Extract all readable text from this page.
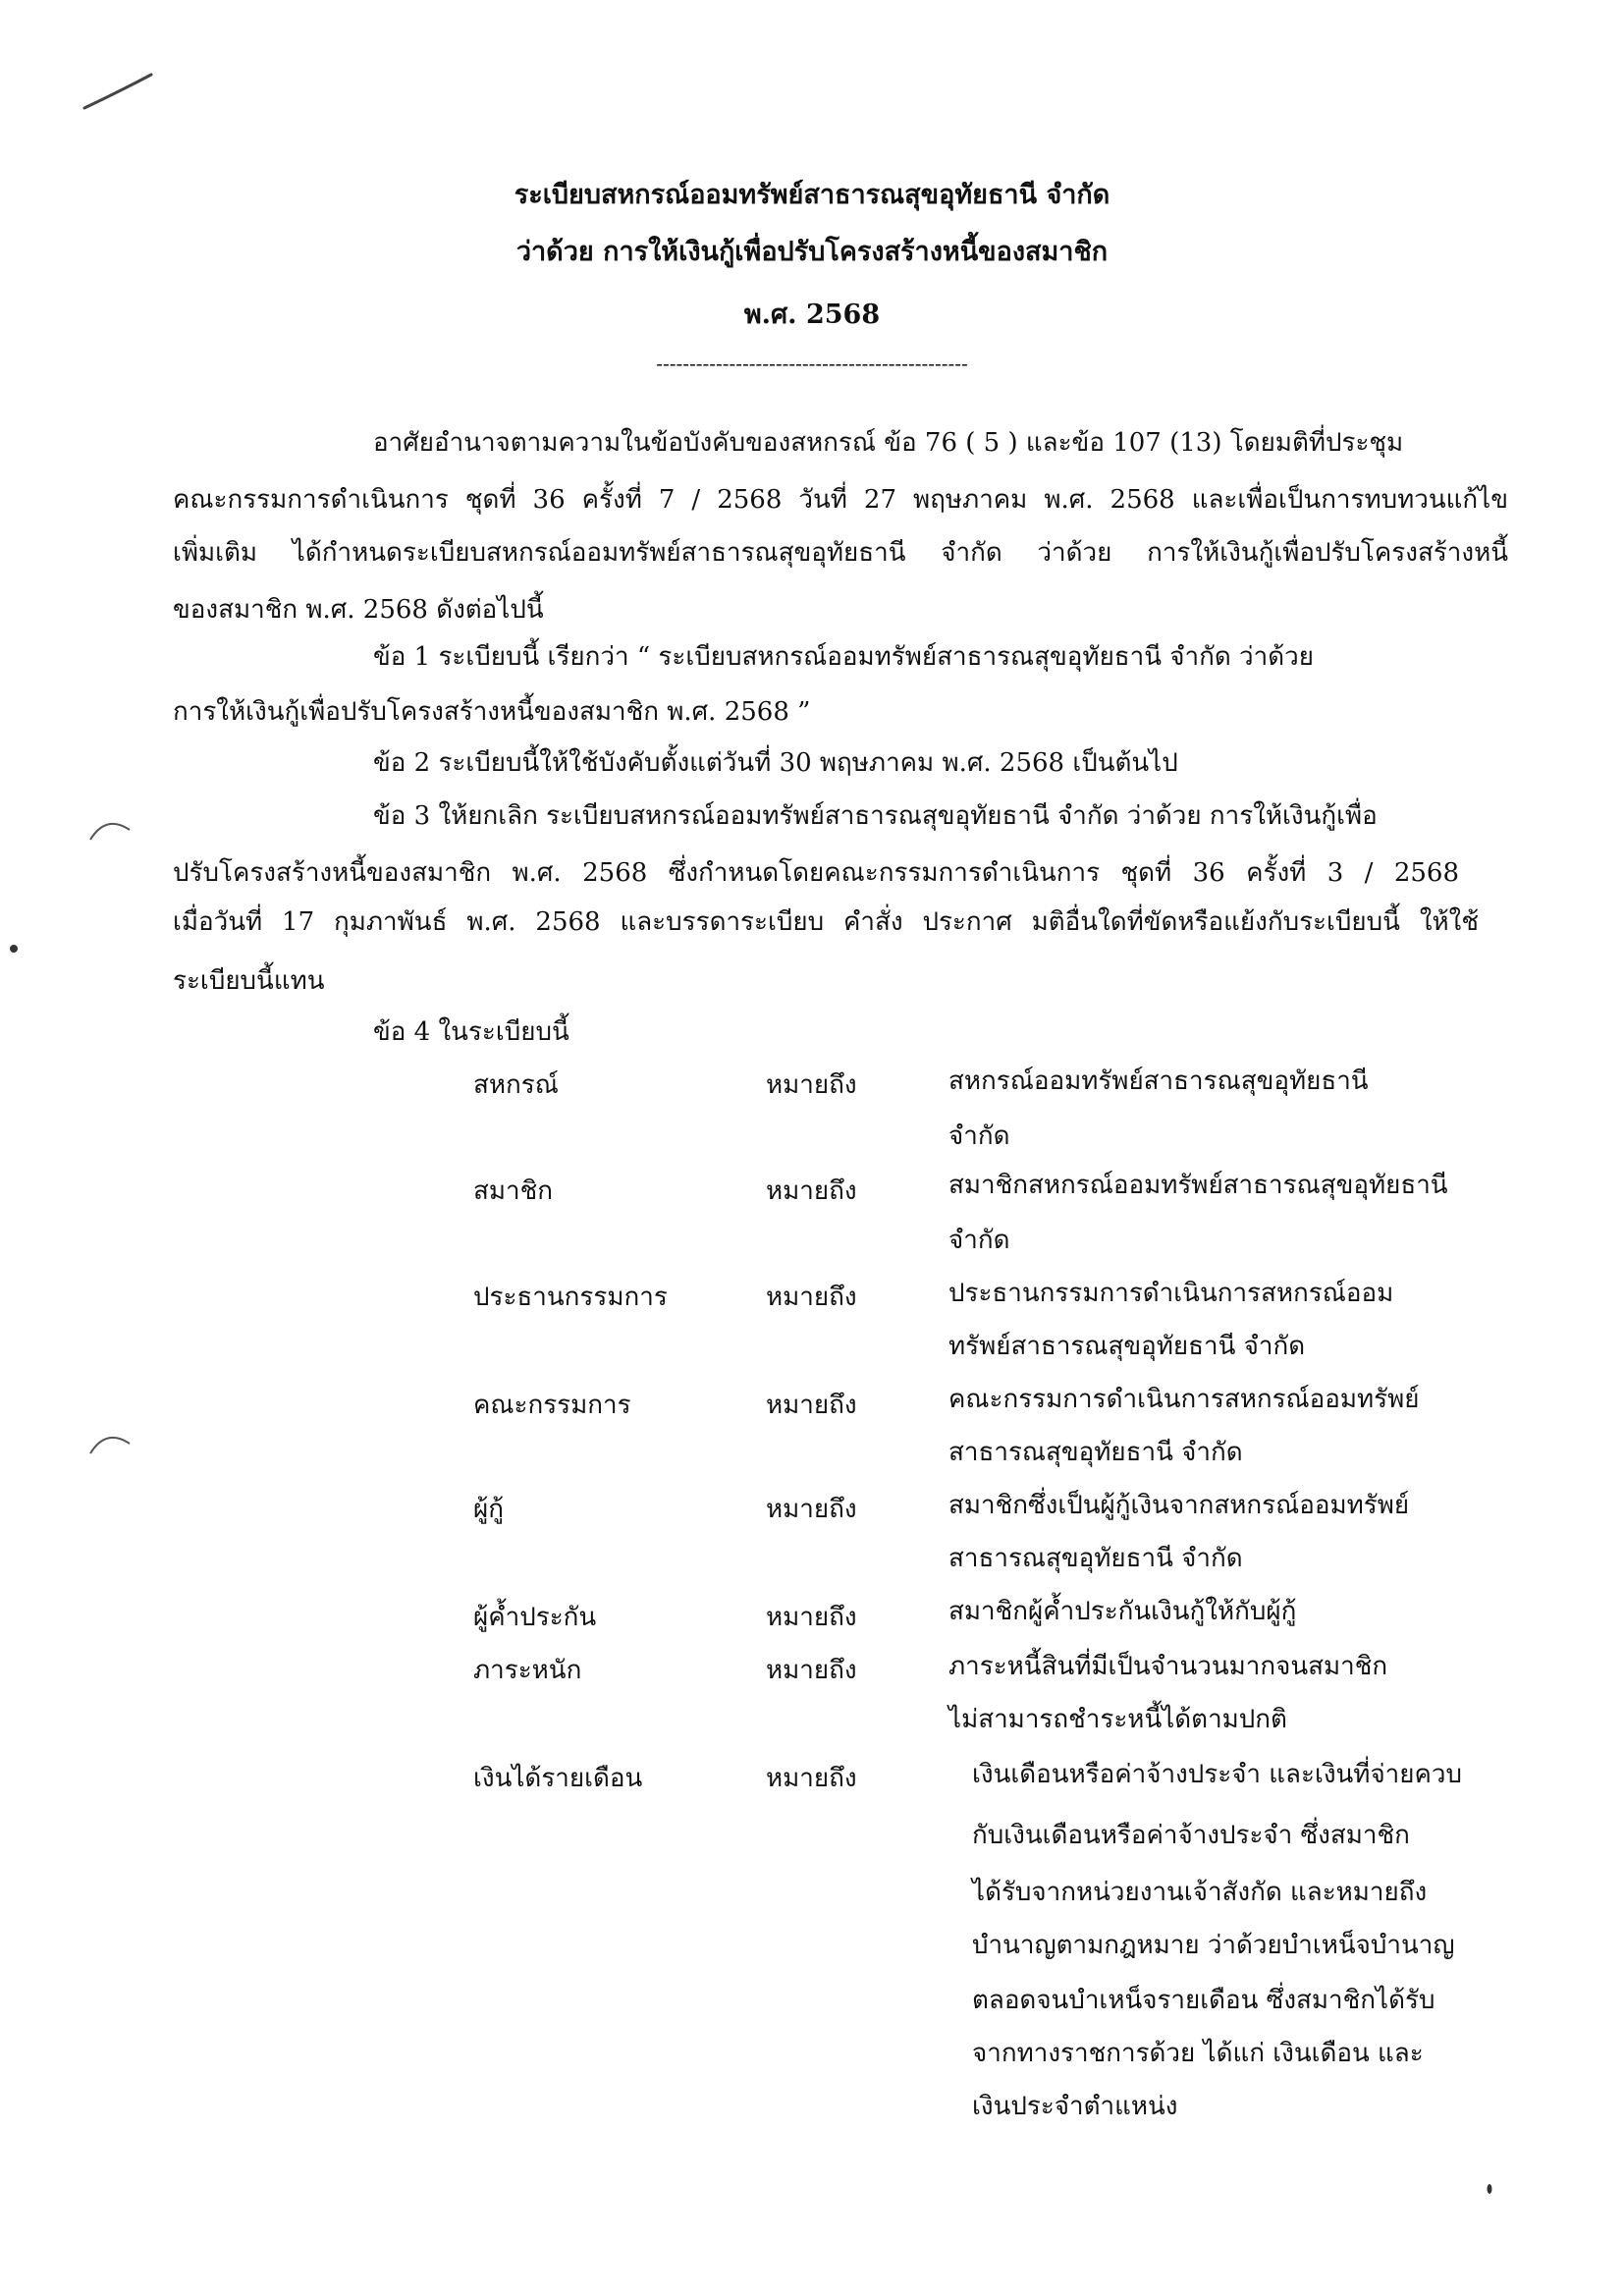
ระเบียบสหกรณ์ออมทรัพย์สาธารณสุขอุทัยธานี จำกัด
ว่าด้วย การให้เงินกู้เพื่อปรับโครงสร้างหนี้ของสมาชิก
พ.ศ. 2568
-----------------------------------------------
อาศัยอำนาจตามความในข้อบังคับของสหกรณ์ ข้อ 76 ( 5 ) และข้อ 107 (13) โดยมติที่ประชุม
คณะกรรมการดำเนินการ ชุดที่ 36 ครั้งที่ 7 / 2568 วันที่ 27 พฤษภาคม พ.ศ. 2568 และเพื่อเป็นการทบทวนแก้ไข
เพิ่มเติม ได้กำหนดระเบียบสหกรณ์ออมทรัพย์สาธารณสุขอุทัยธานี จำกัด ว่าด้วย การให้เงินกู้เพื่อปรับโครงสร้างหนี้
ของสมาชิก พ.ศ. 2568 ดังต่อไปนี้
ข้อ 1 ระเบียบนี้ เรียกว่า “ ระเบียบสหกรณ์ออมทรัพย์สาธารณสุขอุทัยธานี จำกัด ว่าด้วย
การให้เงินกู้เพื่อปรับโครงสร้างหนี้ของสมาชิก พ.ศ. 2568 ”
ข้อ 2 ระเบียบนี้ให้ใช้บังคับตั้งแต่วันที่ 30 พฤษภาคม พ.ศ. 2568 เป็นต้นไป
ข้อ 3 ให้ยกเลิก ระเบียบสหกรณ์ออมทรัพย์สาธารณสุขอุทัยธานี จำกัด ว่าด้วย การให้เงินกู้เพื่อ
ปรับโครงสร้างหนี้ของสมาชิก พ.ศ. 2568 ซึ่งกำหนดโดยคณะกรรมการดำเนินการ ชุดที่ 36 ครั้งที่ 3 / 2568
เมื่อวันที่ 17 กุมภาพันธ์ พ.ศ. 2568 และบรรดาระเบียบ คำสั่ง ประกาศ มติอื่นใดที่ขัดหรือแย้งกับระเบียบนี้ ให้ใช้
ระเบียบนี้แทน
ข้อ 4 ในระเบียบนี้
สหกรณ์	หมายถึง	สหกรณ์ออมทรัพย์สาธารณสุขอุทัยธานี
จำกัด
สมาชิก	หมายถึง	สมาชิกสหกรณ์ออมทรัพย์สาธารณสุขอุทัยธานี
จำกัด
ประธานกรรมการ	หมายถึง	ประธานกรรมการดำเนินการสหกรณ์ออม
ทรัพย์สาธารณสุขอุทัยธานี จำกัด
คณะกรรมการ	หมายถึง	คณะกรรมการดำเนินการสหกรณ์ออมทรัพย์
สาธารณสุขอุทัยธานี จำกัด
ผู้กู้	หมายถึง	สมาชิกซึ่งเป็นผู้กู้เงินจากสหกรณ์ออมทรัพย์
สาธารณสุขอุทัยธานี จำกัด
ผู้ค้ำประกัน	หมายถึง	สมาชิกผู้ค้ำประกันเงินกู้ให้กับผู้กู้
ภาระหนัก	หมายถึง	ภาระหนี้สินที่มีเป็นจำนวนมากจนสมาชิก
ไม่สามารถชำระหนี้ได้ตามปกติ
เงินได้รายเดือน	หมายถึง	เงินเดือนหรือค่าจ้างประจำ และเงินที่จ่ายควบ
กับเงินเดือนหรือค่าจ้างประจำ ซึ่งสมาชิก
ได้รับจากหน่วยงานเจ้าสังกัด และหมายถึง
บำนาญตามกฎหมาย ว่าด้วยบำเหน็จบำนาญ
ตลอดจนบำเหน็จรายเดือน ซึ่งสมาชิกได้รับ
จากทางราชการด้วย ได้แก่ เงินเดือน และ
เงินประจำตำแหน่ง
